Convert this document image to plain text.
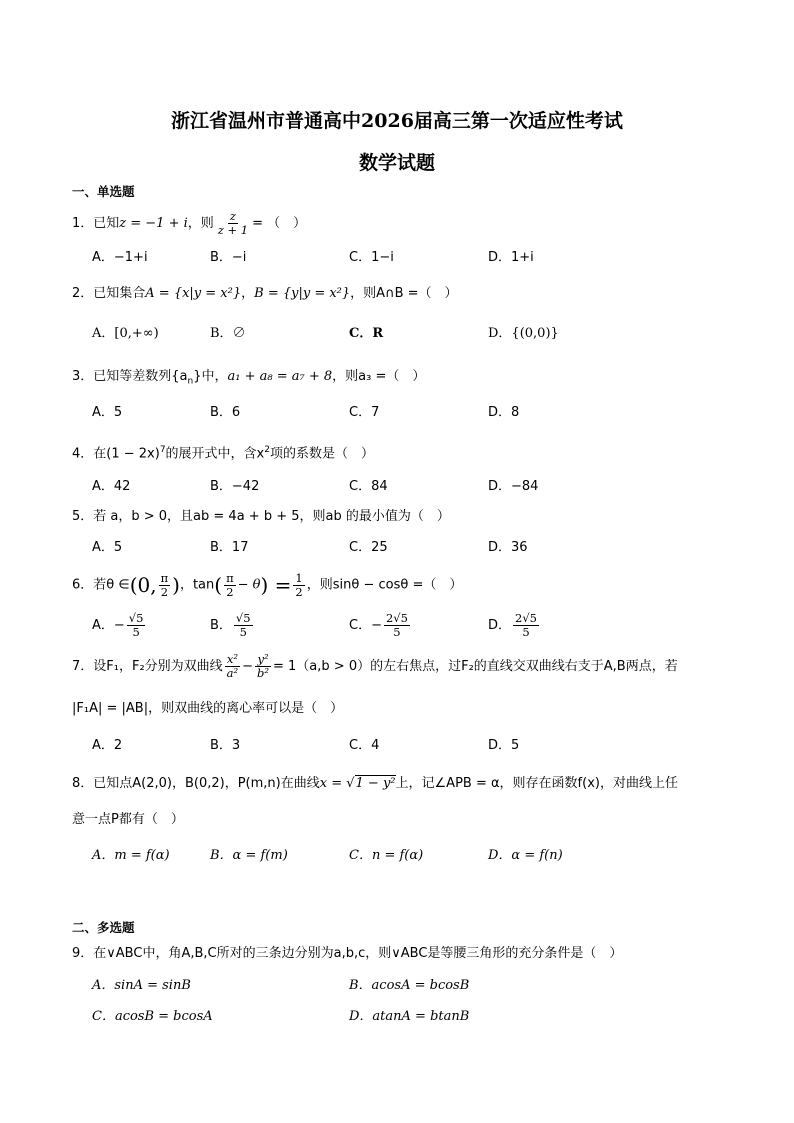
浙江省温州市普通高中2026届高三第一次适应性考试
数学试题
一、单选题
1．已知z = −1 + i，则 $\frac{z}{z + 1}$ = （　）
A．−1+i	B．−i	C．1−i	D．1+i
2．已知集合A = {x|y = x²}，B = {y|y = x²}，则A∩B =（　）
A．[0,+∞)	B．∅	C．R	D．{(0,0)}
3．已知等差数列$\{a_n\}$中，a₁ + a₈ = a₇ + 8，则a₃ =（　）
A．5	B．6	C．7	D．8
4．在$(1 - 2x)^7$的展开式中，含$x^2$项的系数是（　）
A．42	B．−42	C．84	D．−84
5．若 a，b > 0，且ab = 4a + b + 5，则ab 的最小值为（　）
A．5	B．17	C．25	D．36
6．若θ ∈(0, $\frac{\pi}{2}$ )，$\tan( \frac{\pi}{2} - \theta) = \frac{1}{2}$ ，则sinθ − cosθ =（　）
A．− $\frac{√5}{5}$	B． $\frac{√5}{5}$	C．− $\frac{2√5}{5}$	D． $\frac{2√5}{5}$
7．设F₁，F₂分别为双曲线 $\frac{\text{x²}}{\text{a²}} - \frac{\text{y²}}{\text{b²}} = 1(a,b > 0)$的左右焦点，过F₂的直线交双曲线右支于A,B两点，若
|F₁A| = |AB|，则双曲线的离心率可以是（　）
A．2	B．3	C．4	D．5
8．已知点A(2,0)，B(0,2)，P(m,n)在曲线x = √1 − y²上，记∠APB = α，则存在函数f(x)，对曲线上任
意一点P都有（　）
A．m = f(α)	B．α = f(m)	C．n = f(α)	D．α = f(n)
二、多选题
9．在∨ABC中，角A,B,C所对的三条边分别为a,b,c，则∨ABC是等腰三角形的充分条件是（　）
A．sinA = sinB	B．acosA = bcosB
C．acosB = bcosA	D．atanA = btanB
